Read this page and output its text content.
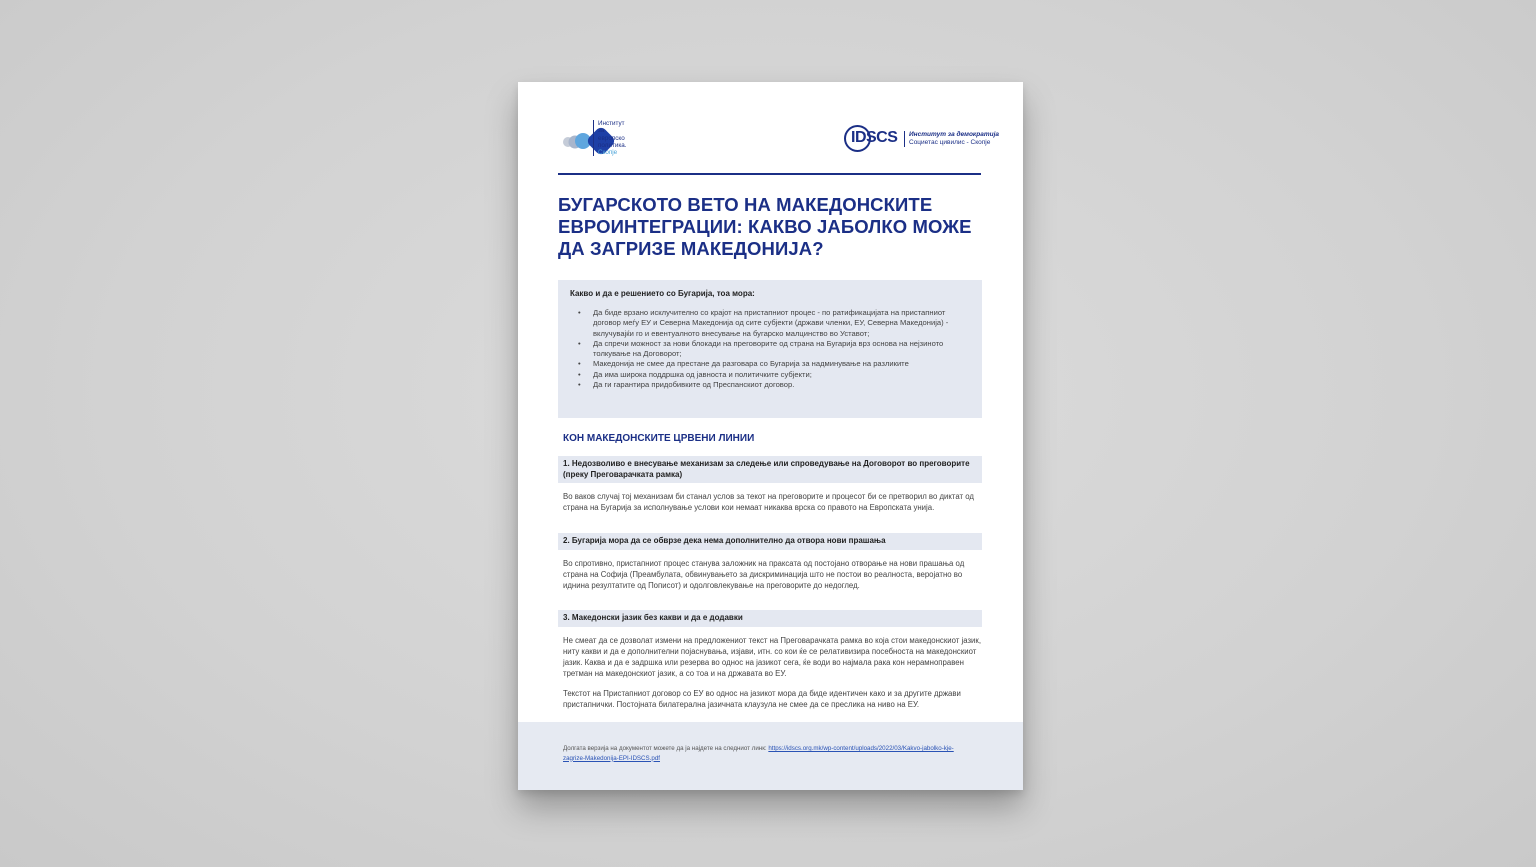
Институт
за
европско
политика.
Скопје
IDSCS Институт за демократија
Социетас цивилис - Скопје
БУГАРСКОТО ВЕТО НА МАКЕДОНСКИТЕ ЕВРОИНТЕГРАЦИИ: КАКВО ЈАБОЛКО МОЖЕ ДА ЗАГРИЗЕ МАКЕДОНИЈА?

Какво и да е решението со Бугарија, тоа мора:

• Да биде врзано исклучително со крајот на пристапниот процес - по ратификацијата на пристапниот договор меѓу ЕУ и Северна Македонија од сите субјекти (држави членки, ЕУ, Северна Македонија) - вклучувајќи го и евентуалното внесување на бугарско малцинство во Уставот;
• Да спречи можност за нови блокади на преговорите од страна на Бугарија врз основа на нејзиното толкување на Договорот;
• Македонија не смее да престане да разговара со Бугарија за надминување на разликите
• Да има широка поддршка од јавноста и политичките субјекти;
• Да ги гарантира придобивките од Преспанскиот договор.
КОН МАКЕДОНСКИТЕ ЦРВЕНИ ЛИНИИ
1. Недозволиво е внесување механизам за следење или спроведување на Договорот во преговорите (преку Преговарачката рамка)

Во ваков случај тој механизам би станал услов за текот на преговорите и процесот би се претворил во диктат од страна на Бугарија за исполнување услови кои немаат никаква врска со правото на Европската унија.

2. Бугарија мора да се обврзе дека нема дополнително да отвора нови прашања

Во спротивно, пристапниот процес станува заложник на праксата од постојано отворање на нови прашања од страна на Софија (Преамбулата, обвинувањето за дискриминација што не постои во реалноста, веројатно во иднина резултатите од Пописот) и одолговлекување на преговорите до недоглед.

3. Македонски јазик без какви и да е додавки

Не смеат да се дозволат измени на предложениот текст на Преговарачката рамка во која стои македонскиот јазик, ниту какви и да е дополнителни појаснувања, изјави, итн. со кои ќе се релативизира посебноста на македонскиот јазик. Каква и да е задршка или резерва во однос на јазикот сега, ќе води во најмала рака кон нерамноправен третман на македонскиот јазик, а со тоа и на државата во ЕУ.

Текстот на Пристапниот договор со ЕУ во однос на јазикот мора да биде идентичен како и за другите држави пристапнички. Постојната билатерална јазичната клаузула не смее да се преслика на ниво на ЕУ.

Долгата верзија на документот можете да ја најдете на следниот линк: https://idscs.org.mk/wp-content/uploads/2022/03/Kakvo-jabolko-kje-zagrize-Makedonija-EPI-IDSCS.pdf
